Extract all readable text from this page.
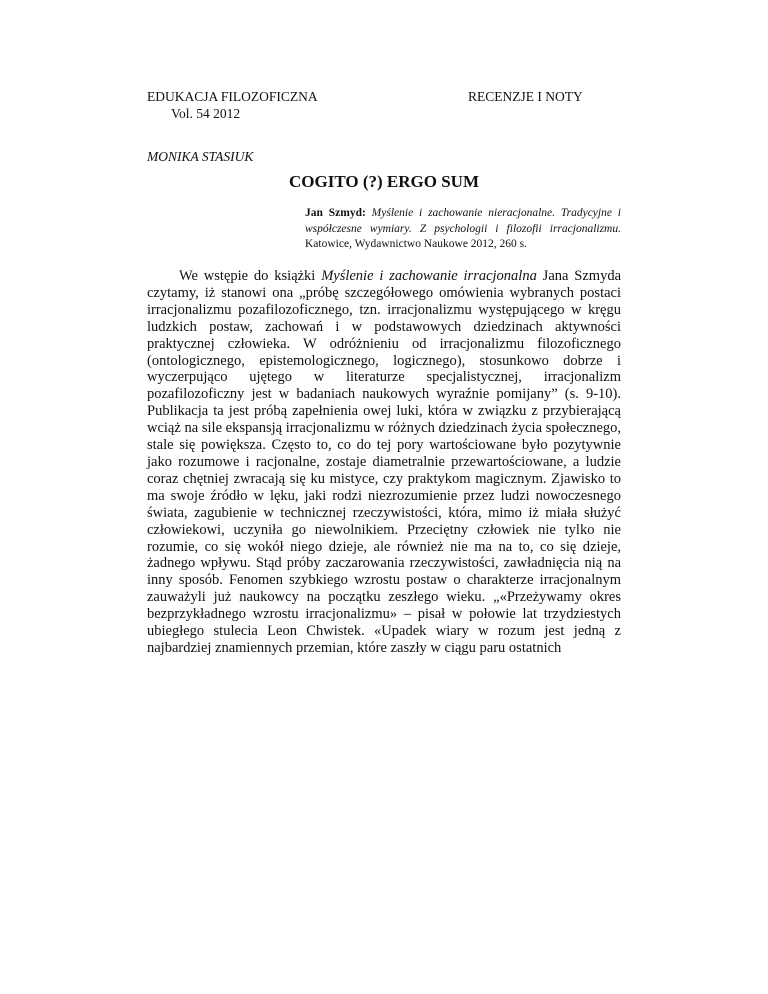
EDUKACJA FILOZOFICZNA
Vol. 54 2012
RECENZJE I NOTY
MONIKA STASIUK
COGITO (?) ERGO SUM
Jan Szmyd: Myślenie i zachowanie nieracjonalne. Tradycyjne i współczesne wymiary. Z psychologii i filozofii irracjonalizmu. Katowice, Wydawnictwo Naukowe 2012, 260 s.

We wstępie do książki Myślenie i zachowanie irracjonalna Jana Szmyda czytamy, iż stanowi ona „próbę szczegółowego omówienia wybranych postaci irracjonalizmu pozafilozoficznego, tzn. irracjonalizmu występującego w kręgu ludzkich postaw, zachowań i w podstawowych dziedzinach aktywności praktycznej człowieka. W odróżnieniu od irracjonalizmu filozoficznego (ontologicznego, epistemologicznego, logicznego), stosunkowo dobrze i wyczerpująco ujętego w literaturze specjalistycznej, irracjonalizm pozafilozoficzny jest w badaniach naukowych wyraźnie pomijany” (s. 9-10). Publikacja ta jest próbą zapełnienia owej luki, która w związku z przybierającą wciąż na sile ekspansją irracjonalizmu w różnych dziedzinach życia społecznego, stale się powiększa. Często to, co do tej pory wartościowane było pozytywnie jako rozumowe i racjonalne, zostaje diametralnie przewartościowane, a ludzie coraz chętniej zwracają się ku mistyce, czy praktykom magicznym. Zjawisko to ma swoje źródło w lęku, jaki rodzi niezrozumienie przez ludzi nowoczesnego świata, zagubienie w technicznej rzeczywistości, która, mimo iż miała służyć człowiekowi, uczyniła go niewolnikiem. Przeciętny człowiek nie tylko nie rozumie, co się wokół niego dzieje, ale również nie ma na to, co się dzieje, żadnego wpływu. Stąd próby zaczarowania rzeczywistości, zawładnięcia nią na inny sposób. Fenomen szybkiego wzrostu postaw o charakterze irracjonalnym zauważyli już naukowcy na początku zeszłego wieku. „«Przeżywamy okres bezprzykładnego wzrostu irracjonalizmu» – pisał w połowie lat trzydziestych ubiegłego stulecia Leon Chwistek. «Upadek wiary w rozum jest jedną z najbardziej znamiennych przemian, które zaszły w ciągu paru ostatnich
